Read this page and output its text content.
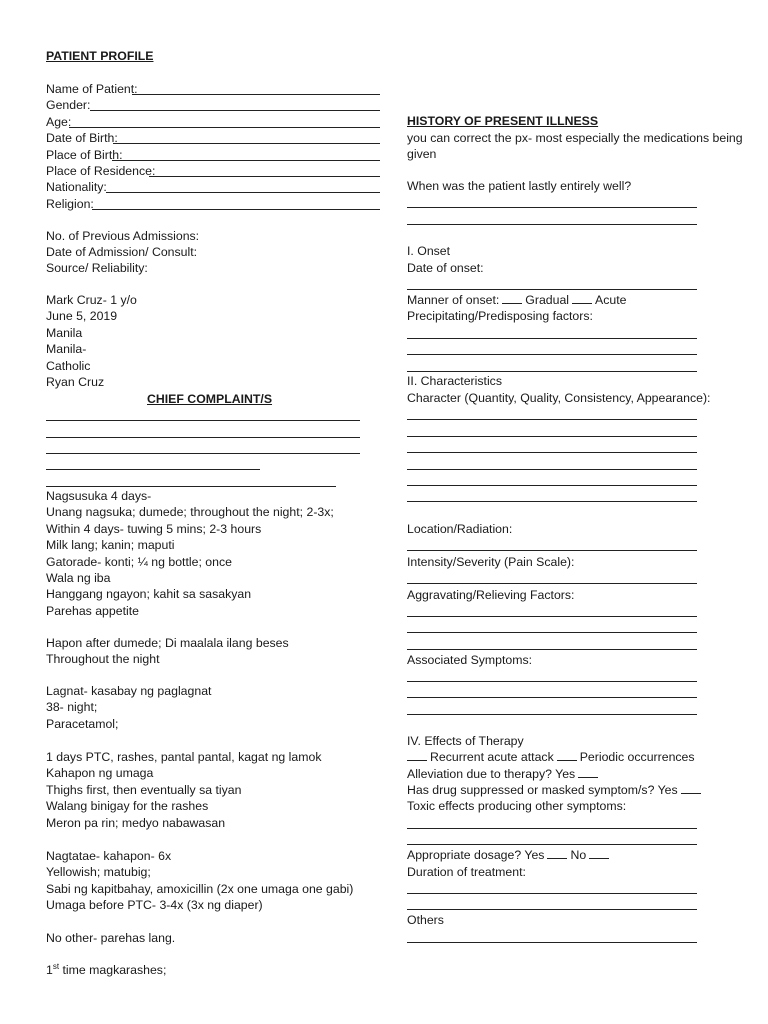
PATIENT PROFILE
Name of Patient:
Gender:
Age:
Date of Birth:
Place of Birth:
Place of Residence:
Nationality:
Religion:
No. of Previous Admissions:
Date of Admission/ Consult:
Source/ Reliability:
Mark Cruz- 1 y/o
June 5, 2019
Manila
Manila-
Catholic
Ryan Cruz
CHIEF COMPLAINT/S
Nagsusuka 4 days-
Unang nagsuka; dumede; throughout the night; 2-3x;
Within 4 days- tuwing 5 mins; 2-3 hours
Milk lang; kanin; maputi
Gatorade- konti; ¼ ng bottle; once
Wala ng iba
Hanggang ngayon; kahit sa sasakyan
Parehas appetite
Hapon after dumede; Di maalala ilang beses
Throughout the night
Lagnat- kasabay ng paglagnat
38- night;
Paracetamol;
1 days PTC, rashes, pantal pantal, kagat ng lamok
Kahapon ng umaga
Thighs first, then eventually sa tiyan
Walang binigay for the rashes
Meron pa rin; medyo nabawasan
Nagtatae- kahapon- 6x
Yellowish; matubig;
Sabi ng kapitbahay, amoxicillin (2x one umaga one gabi)
Umaga before PTC- 3-4x (3x ng diaper)
No other- parehas lang.
1st time magkarashes;
HISTORY OF PRESENT ILLNESS
you can correct the px- most especially the medications being
given
When was the patient lastly entirely well?
I. Onset
Date of onset:
Manner of onset: Gradual Acute
Precipitating/Predisposing factors:
II. Characteristics
Character (Quantity, Quality, Consistency, Appearance):
Location/Radiation:
Intensity/Severity (Pain Scale):
Aggravating/Relieving Factors:
Associated Symptoms:
IV. Effects of Therapy
Recurrent acute attack Periodic occurrences
Alleviation due to therapy? Yes
Has drug suppressed or masked symptom/s? Yes
Toxic effects producing other symptoms:
Appropriate dosage? Yes No
Duration of treatment:
Others
